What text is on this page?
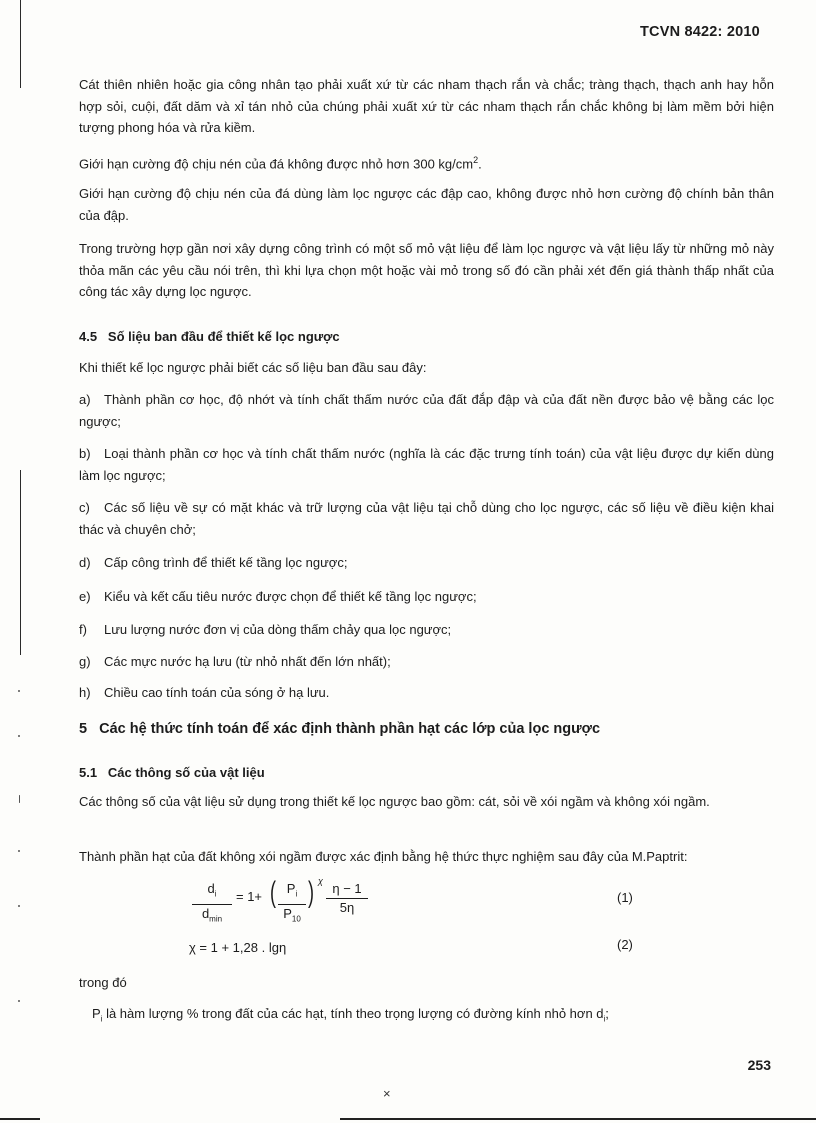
TCVN 8422: 2010

Cát thiên nhiên hoặc gia công nhân tạo phải xuất xứ từ các nham thạch rắn và chắc; tràng thạch, thạch anh hay hỗn hợp sỏi, cuội, đất dăm và xỉ tán nhỏ của chúng phải xuất xứ từ các nham thạch rắn chắc không bị làm mềm bởi hiện tượng phong hóa và rửa kiềm.

Giới hạn cường độ chịu nén của đá không được nhỏ hơn 300 $kg/cm^2$.

Giới hạn cường độ chịu nén của đá dùng làm lọc ngược các đập cao, không được nhỏ hơn cường độ chính bản thân của đập.

Trong trường hợp gần nơi xây dựng công trình có một số mỏ vật liệu để làm lọc ngược và vật liệu lấy từ những mỏ này thỏa mãn các yêu cầu nói trên, thì khi lựa chọn một hoặc vài mỏ trong số đó cần phải xét đến giá thành thấp nhất của công tác xây dựng lọc ngược.

4.5   Số liệu ban đầu để thiết kế lọc ngược
Khi thiết kế lọc ngược phải biết các số liệu ban đầu sau đây:
a) Thành phần cơ học, độ nhớt và tính chất thấm nước của đất đắp đập và của đất nền được bảo vệ bằng các lọc ngược;
b) Loại thành phần cơ học và tính chất thấm nước (nghĩa là các đặc trưng tính toán) của vật liệu được dự kiến dùng làm lọc ngược;
c) Các số liệu về sự có mặt khác và trữ lượng của vật liệu tại chỗ dùng cho lọc ngược, các số liệu về điều kiện khai thác và chuyên chở;
d) Cấp công trình để thiết kế tầng lọc ngược;
e) Kiểu và kết cấu tiêu nước được chọn để thiết kế tầng lọc ngược;
f) Lưu lượng nước đơn vị của dòng thấm chảy qua lọc ngược;
g) Các mực nước hạ lưu (từ nhỏ nhất đến lớn nhất);
h) Chiều cao tính toán của sóng ở hạ lưu.
5   Các hệ thức tính toán để xác định thành phần hạt các lớp của lọc ngược
5.1   Các thông số của vật liệu

Các thông số của vật liệu sử dụng trong thiết kế lọc ngược bao gồm: cát, sỏi về xói ngầm và không xói ngầm.

Thành phần hạt của đất không xói ngầm được xác định bằng hệ thức thực nghiệm sau đây của M.Paptrit:

$d_i$
$d_{min}$
= 1+ ( $\frac{P_i}{P_{10}}$ ) χ $\frac{\eta - 1}{5\eta}$	(1)
χ = 1 + 1,28 . lgη	(2)
trong đó
$P_i$ là hàm lượng % trong đất của các hạt, tính theo trọng lượng có đường kính nhỏ hơn $d_i$;
253
×
